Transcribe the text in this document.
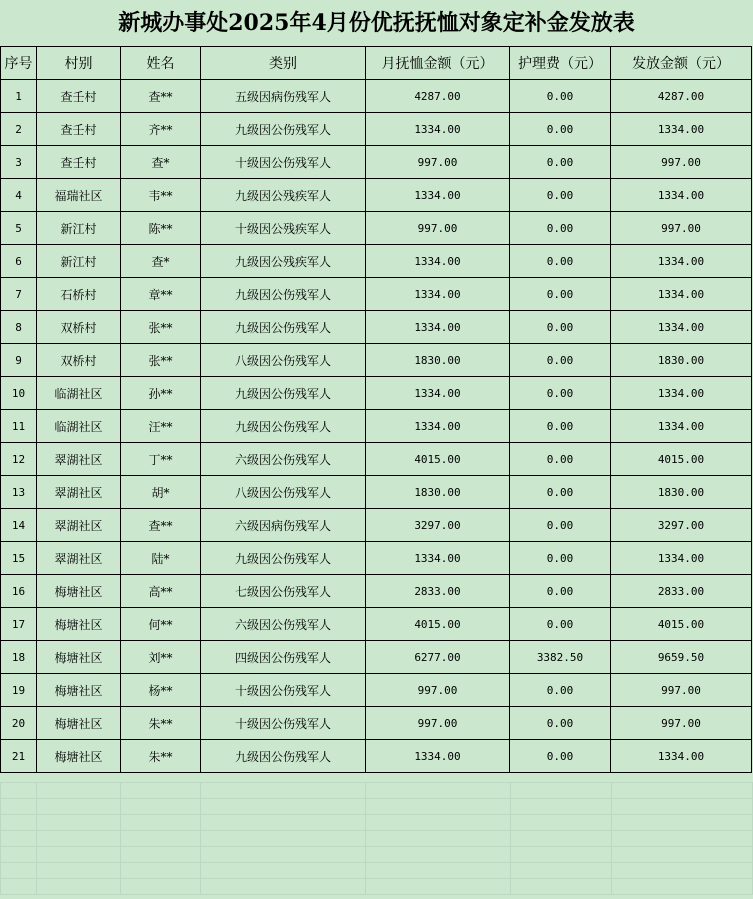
新城办事处2025年4月份优抚抚恤对象定补金发放表
序号	村别	姓名	类别	月抚恤金额（元）	护理费（元）	发放金额（元）
1	查壬村	查**	五级因病伤残军人	4287.00	0.00	4287.00
2	查壬村	齐**	九级因公伤残军人	1334.00	0.00	1334.00
3	查壬村	查*	十级因公伤残军人	997.00	0.00	997.00
4	福瑞社区	韦**	九级因公残疾军人	1334.00	0.00	1334.00
5	新江村	陈**	十级因公残疾军人	997.00	0.00	997.00
6	新江村	查*	九级因公残疾军人	1334.00	0.00	1334.00
7	石桥村	章**	九级因公伤残军人	1334.00	0.00	1334.00
8	双桥村	张**	九级因公伤残军人	1334.00	0.00	1334.00
9	双桥村	张**	八级因公伤残军人	1830.00	0.00	1830.00
10	临湖社区	孙**	九级因公伤残军人	1334.00	0.00	1334.00
11	临湖社区	汪**	九级因公伤残军人	1334.00	0.00	1334.00
12	翠湖社区	丁**	六级因公伤残军人	4015.00	0.00	4015.00
13	翠湖社区	胡*	八级因公伤残军人	1830.00	0.00	1830.00
14	翠湖社区	查**	六级因病伤残军人	3297.00	0.00	3297.00
15	翠湖社区	陆*	九级因公伤残军人	1334.00	0.00	1334.00
16	梅塘社区	高**	七级因公伤残军人	2833.00	0.00	2833.00
17	梅塘社区	何**	六级因公伤残军人	4015.00	0.00	4015.00
18	梅塘社区	刘**	四级因公伤残军人	6277.00	3382.50	9659.50
19	梅塘社区	杨**	十级因公伤残军人	997.00	0.00	997.00
20	梅塘社区	朱**	十级因公伤残军人	997.00	0.00	997.00
21	梅塘社区	朱**	九级因公伤残军人	1334.00	0.00	1334.00
